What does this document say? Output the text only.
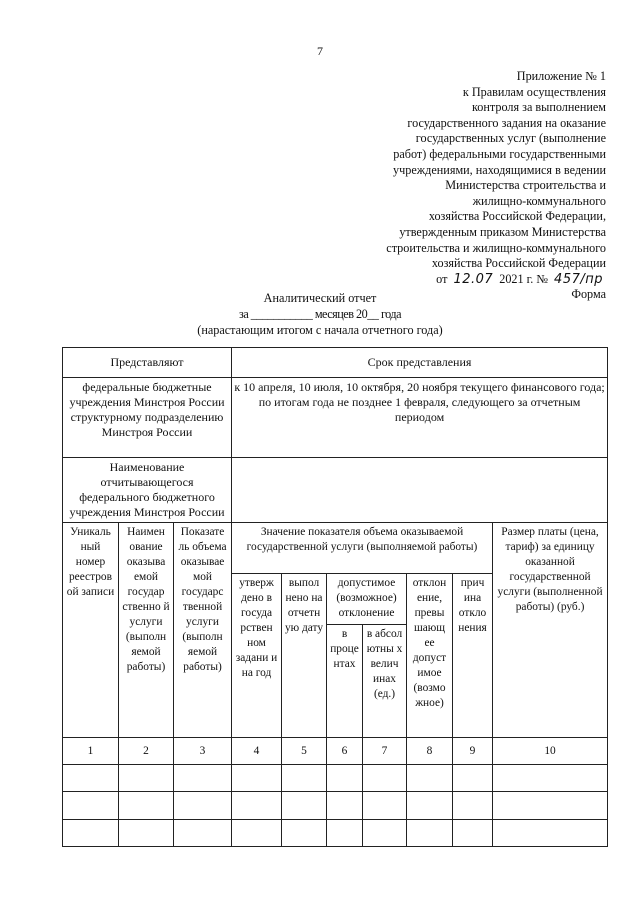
7
Приложение № 1
к Правилам осуществления
контроля за выполнением
государственного задания на оказание
государственных услуг (выполнение
работ) федеральными государственными
учреждениями, находящимися в ведении
Министерства строительства и
жилищно-коммунального
хозяйства Российской Федерации,
утвержденным приказом Министерства
строительства и жилищно-коммунального
хозяйства Российской Федерации
от 12.07 2021 г. № 457/пр
Форма
Аналитический отчет
за ___________ месяцев 20__ года
(нарастающим итогом с начала отчетного года)
Представляют			Срок представления						
федеральные бюджетные учреждения Минстроя России структурному подразделению Минстроя России			к 10 апреля, 10 июля, 10 октября, 20 ноября текущего финансового года; по итогам года не позднее 1 февраля, следующего за отчетным периодом						
Наименование отчитывающегося федерального бюджетного учреждения Минстроя России									
Уникаль ный номер реестров ой записи	Наимен ование оказыва емой государ ственно й услуги (выполн яемой работы)	Показате ль объема оказывае мой государс твенной услуги (выполн яемой работы)	Значение показателя объема оказываемой государственной услуги (выполняемой работы)						Размер платы (цена, тариф) за единицу оказанной государственной услуги (выполненной работы) (руб.)
			утверж дено в госуда рствен ном задани и на год	выпол нено на отчетн ую дату	допустимое (возможное) отклонение		отклон ение, превы шающ ее допуст имое (возмо жное)	прич ина откло нения	
					в проце нтах	в абсол ютны х велич инах (ед.)			
1	2	3	4	5	6	7	8	9	10
